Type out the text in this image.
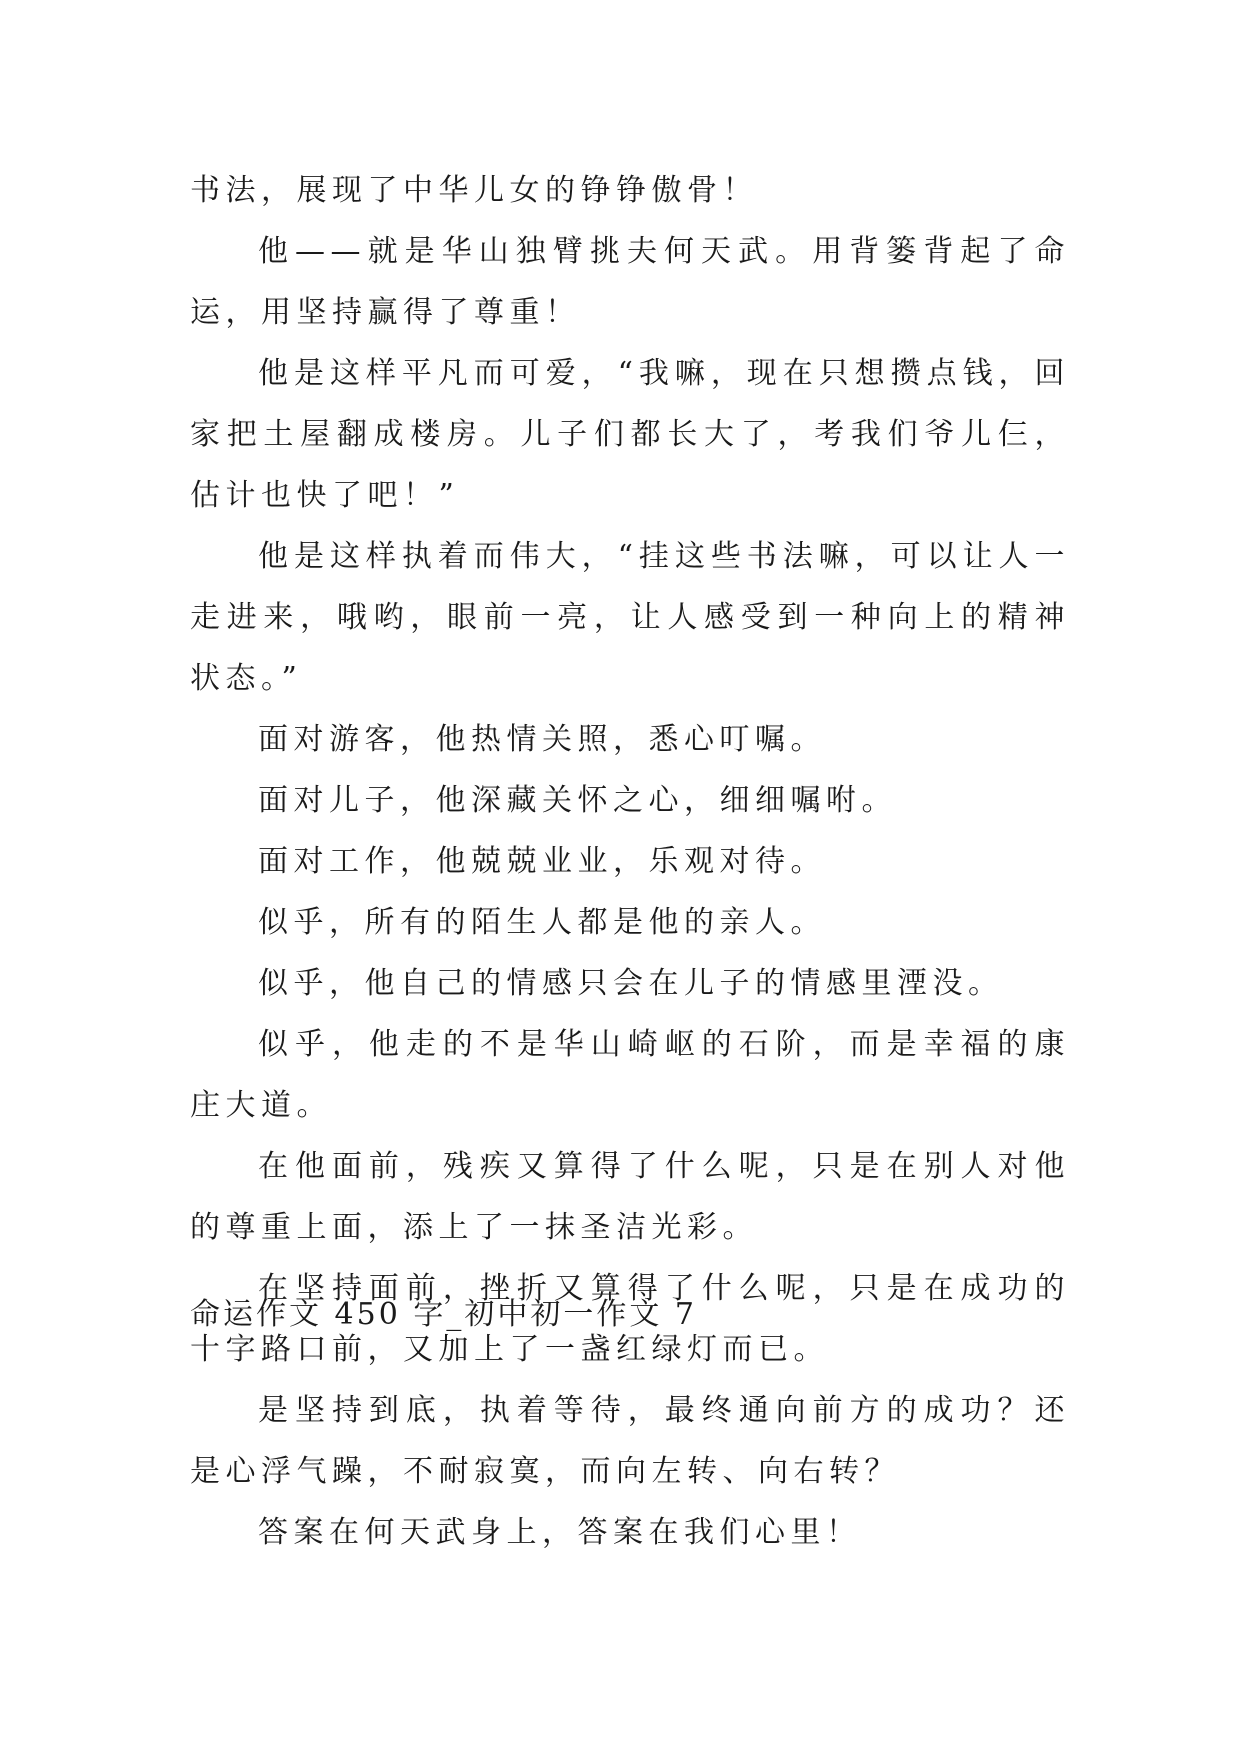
书法，展现了中华儿女的铮铮傲骨！

他——就是华山独臂挑夫何天武。用背篓背起了命运，用坚持赢得了尊重！

他是这样平凡而可爱，“我嘛，现在只想攒点钱，回家把土屋翻成楼房。儿子们都长大了，考我们爷儿仨，估计也快了吧！”

他是这样执着而伟大，“挂这些书法嘛，可以让人一走进来，哦哟，眼前一亮，让人感受到一种向上的精神状态。”

面对游客，他热情关照，悉心叮嘱。

面对儿子，他深藏关怀之心，细细嘱咐。

面对工作，他兢兢业业，乐观对待。

似乎，所有的陌生人都是他的亲人。

似乎，他自己的情感只会在儿子的情感里湮没。

似乎，他走的不是华山崎岖的石阶，而是幸福的康庄大道。

在他面前，残疾又算得了什么呢，只是在别人对他的尊重上面，添上了一抹圣洁光彩。

在坚持面前，挫折又算得了什么呢，只是在成功的十字路口前，又加上了一盏红绿灯而已。

是坚持到底，执着等待，最终通向前方的成功？还是心浮气躁，不耐寂寞，而向左转、向右转？

答案在何天武身上，答案在我们心里！

命运作文 450 字_初中初一作文 7
